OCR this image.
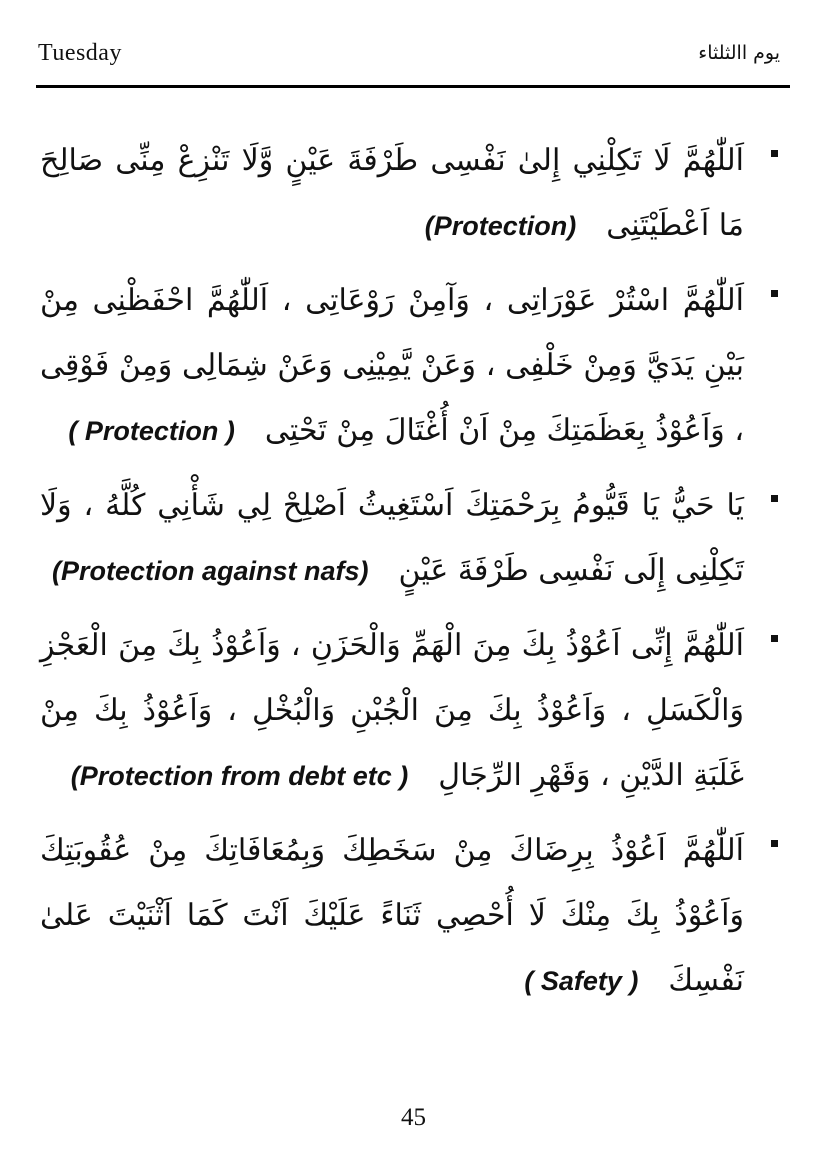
Tuesday	يوم االثلثاء
اَللّٰهُمَّ لَا تَكِلْنِي إِلىٰ نَفْسِى طَرْفَةَ عَيْنٍ وَّلَا تَنْزِعْ مِنِّى صَالِحَ مَا اَعْطَيْتَنِى (Protection)
اَللّٰهُمَّ اسْتُرْ عَوْرَاتِى ، وَآمِنْ رَوْعَاتِى ، اَللّٰهُمَّ احْفَظْنِى مِنْ بَيْنِ يَدَيَّ وَمِنْ خَلْفِى ، وَعَنْ يَّمِيْنِى وَعَنْ شِمَالِى وَمِنْ فَوْقِى ، وَاَعُوْذُ بِعَظَمَتِكَ مِنْ اَنْ أُغْتَالَ مِنْ تَحْتِى ( Protection )
يَا حَيُّ يَا قَيُّومُ بِرَحْمَتِكَ اَسْتَغِيثُ اَصْلِحْ لِي شَأْنِي كُلَّهُ ، وَلَا تَكِلْنِى إِلَى نَفْسِى طَرْفَةَ عَيْنٍ (Protection against nafs)
اَللّٰهُمَّ إِنِّى اَعُوْذُ بِكَ مِنَ الْهَمِّ وَالْحَزَنِ ، وَاَعُوْذُ بِكَ مِنَ الْعَجْزِ وَالْكَسَلِ ، وَاَعُوْذُ بِكَ مِنَ الْجُبْنِ وَالْبُخْلِ ، وَاَعُوْذُ بِكَ مِنْ غَلَبَةِ الدَّيْنِ ، وَقَهْرِ الرِّجَالِ (Protection from debt etc )
اَللّٰهُمَّ اَعُوْذُ بِرِضَاكَ مِنْ سَخَطِكَ وَبِمُعَافَاتِكَ مِنْ عُقُوبَتِكَ وَاَعُوْذُ بِكَ مِنْكَ لَا أُحْصِي ثَنَاءً عَلَيْكَ اَنْتَ كَمَا اَثْنَيْتَ عَلىٰ نَفْسِكَ ( Safety )
45
